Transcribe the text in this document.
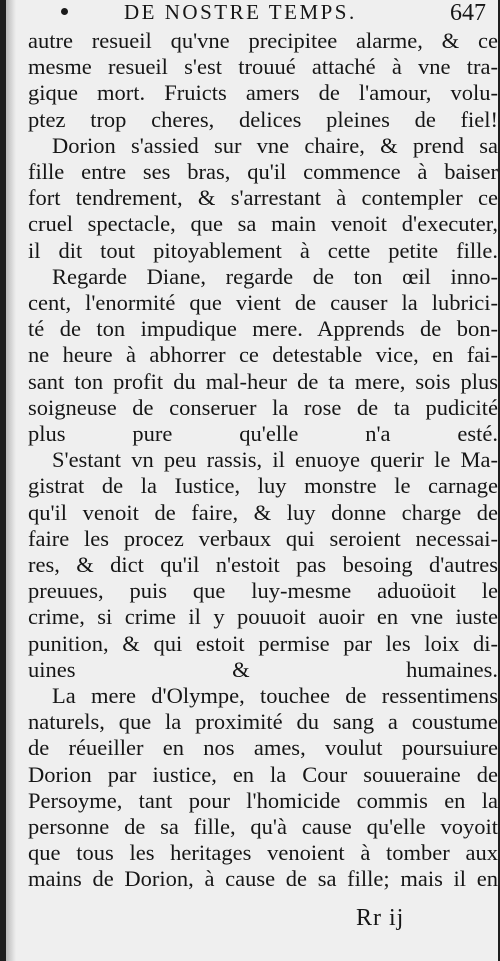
DE NOSTRE TEMPS.	647
autre resueil qu'vne precipitee alarme, & ce
mesme resueil s'est trouué attaché à vne tra-
gique mort. Fruicts amers de l'amour, volu-
ptez trop cheres, delices pleines de fiel!
Dorion s'assied sur vne chaire, & prend sa
fille entre ses bras, qu'il commence à baiser
fort tendrement, & s'arrestant à contempler ce
cruel spectacle, que sa main venoit d'executer,
il dit tout pitoyablement à cette petite fille.
Regarde Diane, regarde de ton œil inno-
cent, l'enormité que vient de causer la lubrici-
té de ton impudique mere. Apprends de bon-
ne heure à abhorrer ce detestable vice, en fai-
sant ton profit du mal-heur de ta mere, sois plus
soigneuse de conseruer la rose de ta pudicité
plus pure qu'elle n'a esté.
S'estant vn peu rassis, il enuoye querir le Ma-
gistrat de la Iustice, luy monstre le carnage
qu'il venoit de faire, & luy donne charge de
faire les procez verbaux qui seroient necessai-
res, & dict qu'il n'estoit pas besoing d'autres
preuues, puis que luy-mesme aduoüoit le
crime, si crime il y pouuoit auoir en vne iuste
punition, & qui estoit permise par les loix di-
uines & humaines.
La mere d'Olympe, touchee de ressentimens
naturels, que la proximité du sang a coustume
de réueiller en nos ames, voulut poursuiure
Dorion par iustice, en la Cour souueraine de
Persoyme, tant pour l'homicide commis en la
personne de sa fille, qu'à cause qu'elle voyoit
que tous les heritages venoient à tomber aux
mains de Dorion, à cause de sa fille; mais il en
Rr ij
